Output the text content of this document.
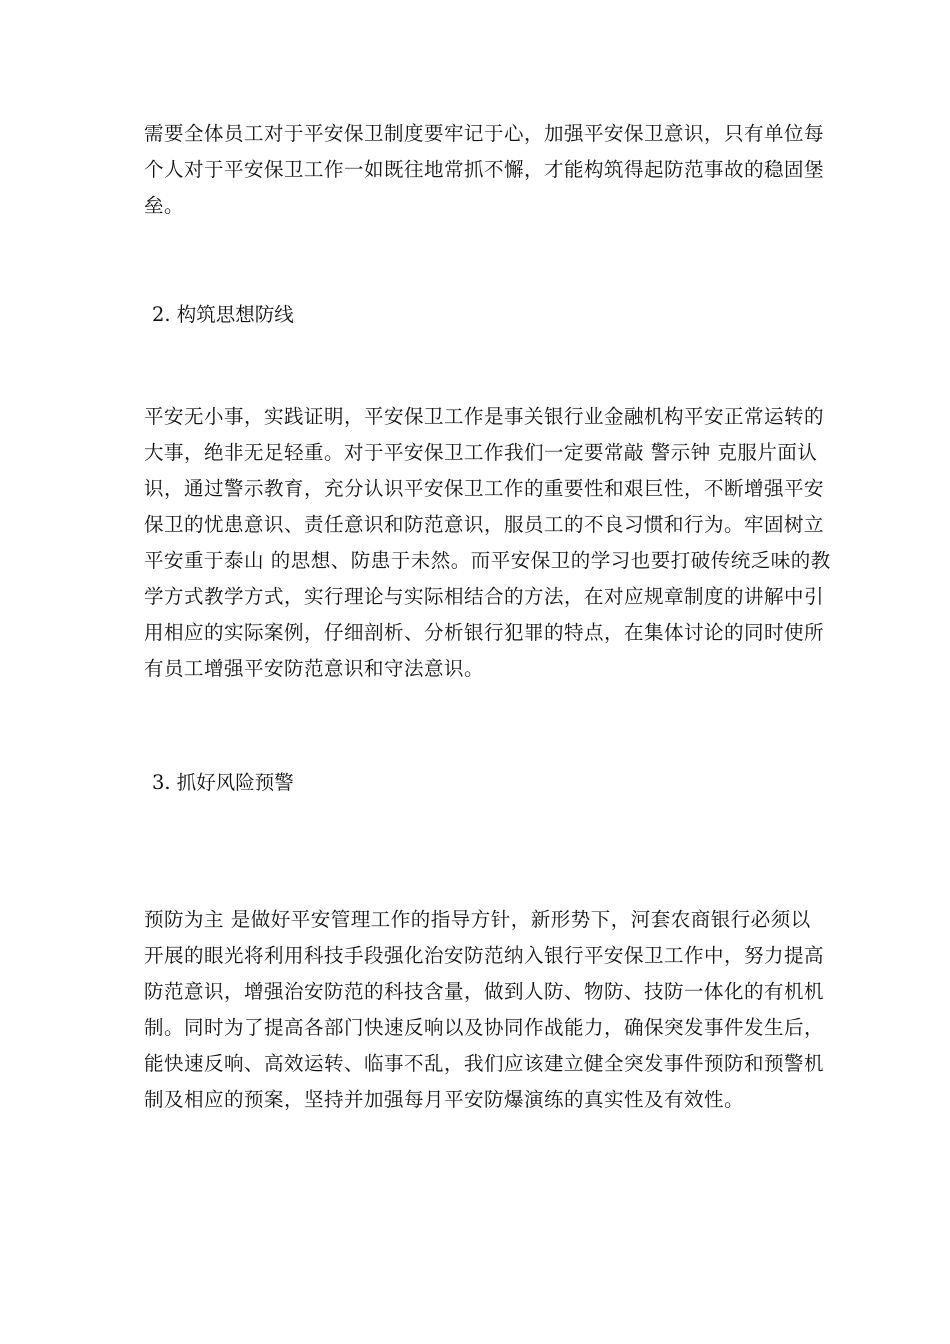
需要全体员工对于平安保卫制度要牢记于心，加强平安保卫意识，只有单位每
个人对于平安保卫工作一如既往地常抓不懈，才能构筑得起防范事故的稳固堡
垒。
2. 构筑思想防线
平安无小事，实践证明，平安保卫工作是事关银行业金融机构平安正常运转的
大事，绝非无足轻重。对于平安保卫工作我们一定要常敲 警示钟 克服片面认
识，通过警示教育，充分认识平安保卫工作的重要性和艰巨性，不断增强平安
保卫的忧患意识、责任意识和防范意识，服员工的不良习惯和行为。牢固树立
平安重于泰山 的思想、防患于未然。而平安保卫的学习也要打破传统乏味的教
学方式教学方式，实行理论与实际相结合的方法，在对应规章制度的讲解中引
用相应的实际案例，仔细剖析、分析银行犯罪的特点，在集体讨论的同时使所
有员工增强平安防范意识和守法意识。
3. 抓好风险预警
预防为主 是做好平安管理工作的指导方针，新形势下，河套农商银行必须以
开展的眼光将利用科技手段强化治安防范纳入银行平安保卫工作中，努力提高
防范意识，增强治安防范的科技含量，做到人防、物防、技防一体化的有机机
制。同时为了提高各部门快速反响以及协同作战能力，确保突发事件发生后，
能快速反响、高效运转、临事不乱，我们应该建立健全突发事件预防和预警机
制及相应的预案，坚持并加强每月平安防爆演练的真实性及有效性。
